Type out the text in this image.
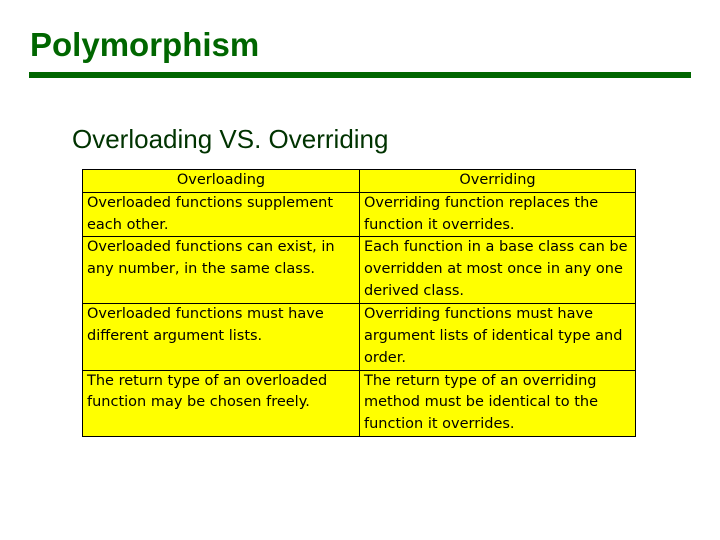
Polymorphism
Overloading VS. Overriding
Overloading	Overriding
Overloaded functions supplement each other.	Overriding function replaces the function it overrides.
Overloaded functions can exist, in any number, in the same class.	Each function in a base class can be overridden at most once in any one derived class.
Overloaded functions must have different argument lists.	Overriding functions must have argument lists of identical type and order.
The return type of an overloaded function may be chosen freely.	The return type of an overriding method must be identical to the function it overrides.
